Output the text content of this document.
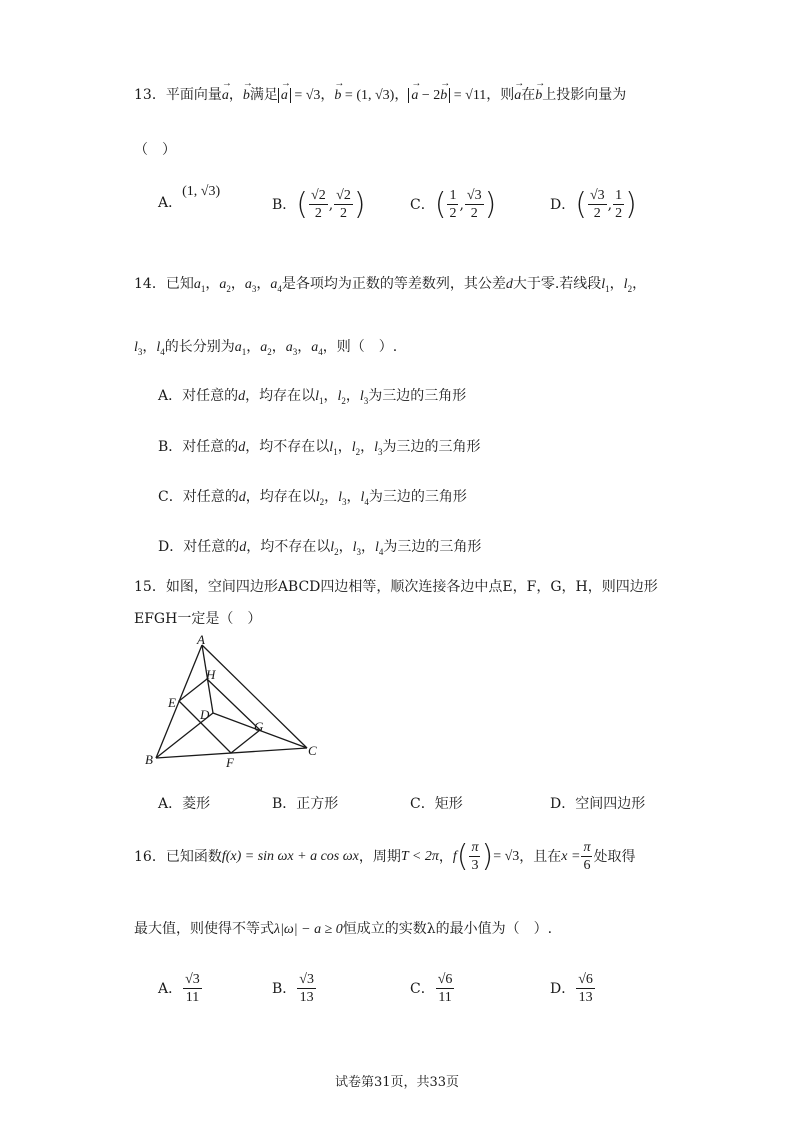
13．平面向量→ a，→ b满足 → a = √3，→ b = (1, √3)， → a − 2→ b = √11，则→ a在→ b上投影向量为
（　）
A．(1, √3)
B．( $\frac{√2}{2}$ , $\frac{√2}{2}$ )	C．( $\frac{1}{2}$ , $\frac{√3}{2}$ )	D．( $\frac{√3}{2}$ , $\frac{1}{2}$ )
14．已知$a_1$，$a_2$，$a_3$，$a_4$是各项均为正数的等差数列，其公差d大于零.若线段$l_1$，$l_2$，
$l_3$，$l_4$的长分别为$a_1$，$a_2$，$a_3$，$a_4$，则（　）.
A．对任意的d，均存在以$l_1$，$l_2$，$l_3$为三边的三角形
B．对任意的d，均不存在以$l_1$，$l_2$，$l_3$为三边的三角形
C．对任意的d，均存在以$l_2$，$l_3$，$l_4$为三边的三角形
D．对任意的d，均不存在以$l_2$，$l_3$，$l_4$为三边的三角形
15．如图，空间四边形ABCD四边相等，顺次连接各边中点E，F，G，H，则四边形
EFGH一定是（　）
A
H
E
D
G
C
B	F
A．菱形	B．正方形	C．矩形	D．空间四边形
16．已知函数f(x) = sin ωx + a cos ωx，周期T < 2π，$f( \frac{\pi}{3}$ )= √3，且在$x = \frac{\pi}{6}$ 处取得
最大值，则使得不等式λ|ω| − a ≥ 0恒成立的实数λ的最小值为（　）.
A． $\frac{√3}{11}$	B． $\frac{√3}{13}$	C． $\frac{√6}{11}$	D． $\frac{√6}{13}$
试卷第31页，共33页
